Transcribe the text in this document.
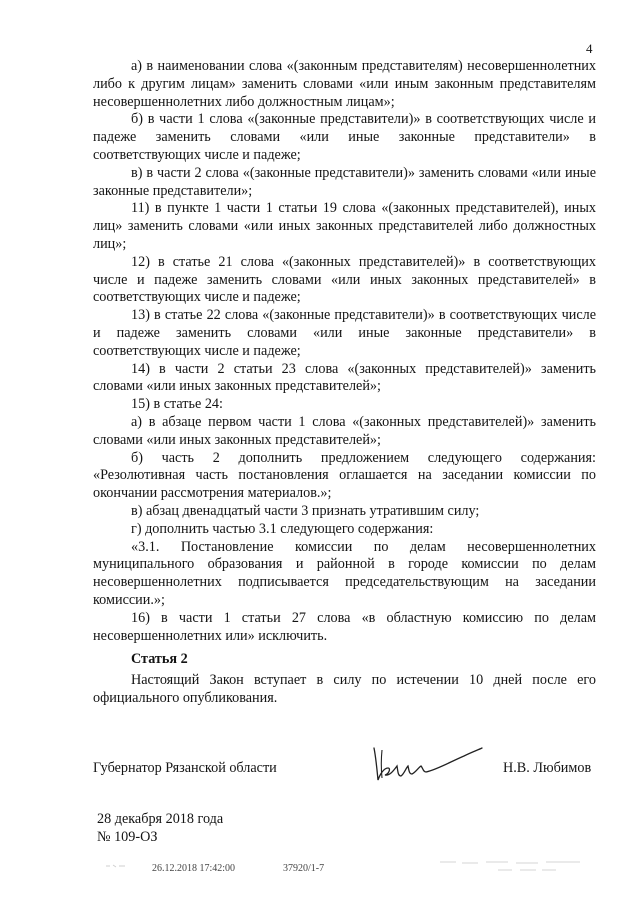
4

а) в наименовании слова «(законным представителям) несовершеннолетних либо к другим лицам» заменить словами «или иным законным представителям несовершеннолетних либо должностным лицам»;

б) в части 1 слова «(законные представители)» в соответствующих числе и падеже заменить словами «или иные законные представители» в соответствующих числе и падеже;

в) в части 2 слова «(законные представители)» заменить словами «или иные законные представители»;

11) в пункте 1 части 1 статьи 19 слова «(законных представителей), иных лиц» заменить словами «или иных законных представителей либо должностных лиц»;

12) в статье 21 слова «(законных представителей)» в соответствующих числе и падеже заменить словами «или иных законных представителей» в соответствующих числе и падеже;

13) в статье 22 слова «(законные представители)» в соответствующих числе и падеже заменить словами «или иные законные представители» в соответствующих числе и падеже;

14) в части 2 статьи 23 слова «(законных представителей)» заменить словами «или иных законных представителей»;

15) в статье 24:

а) в абзаце первом части 1 слова «(законных представителей)» заменить словами «или иных законных представителей»;

б) часть 2 дополнить предложением следующего содержания: «Резолютивная часть постановления оглашается на заседании комиссии по окончании рассмотрения материалов.»;

в) абзац двенадцатый части 3 признать утратившим силу;

г) дополнить частью 3.1 следующего содержания:

«3.1. Постановление комиссии по делам несовершеннолетних муниципального образования и районной в городе комиссии по делам несовершеннолетних подписывается председательствующим на заседании комиссии.»;

16) в части 1 статьи 27 слова «в областную комиссию по делам несовершеннолетних или» исключить.

Статья 2

Настоящий Закон вступает в силу по истечении 10 дней после его официального опубликования.

Губернатор Рязанской области	Н.В. Любимов
28 декабря 2018 года
№ 109-ОЗ
26.12.2018 17:42:00	37920/1-7
